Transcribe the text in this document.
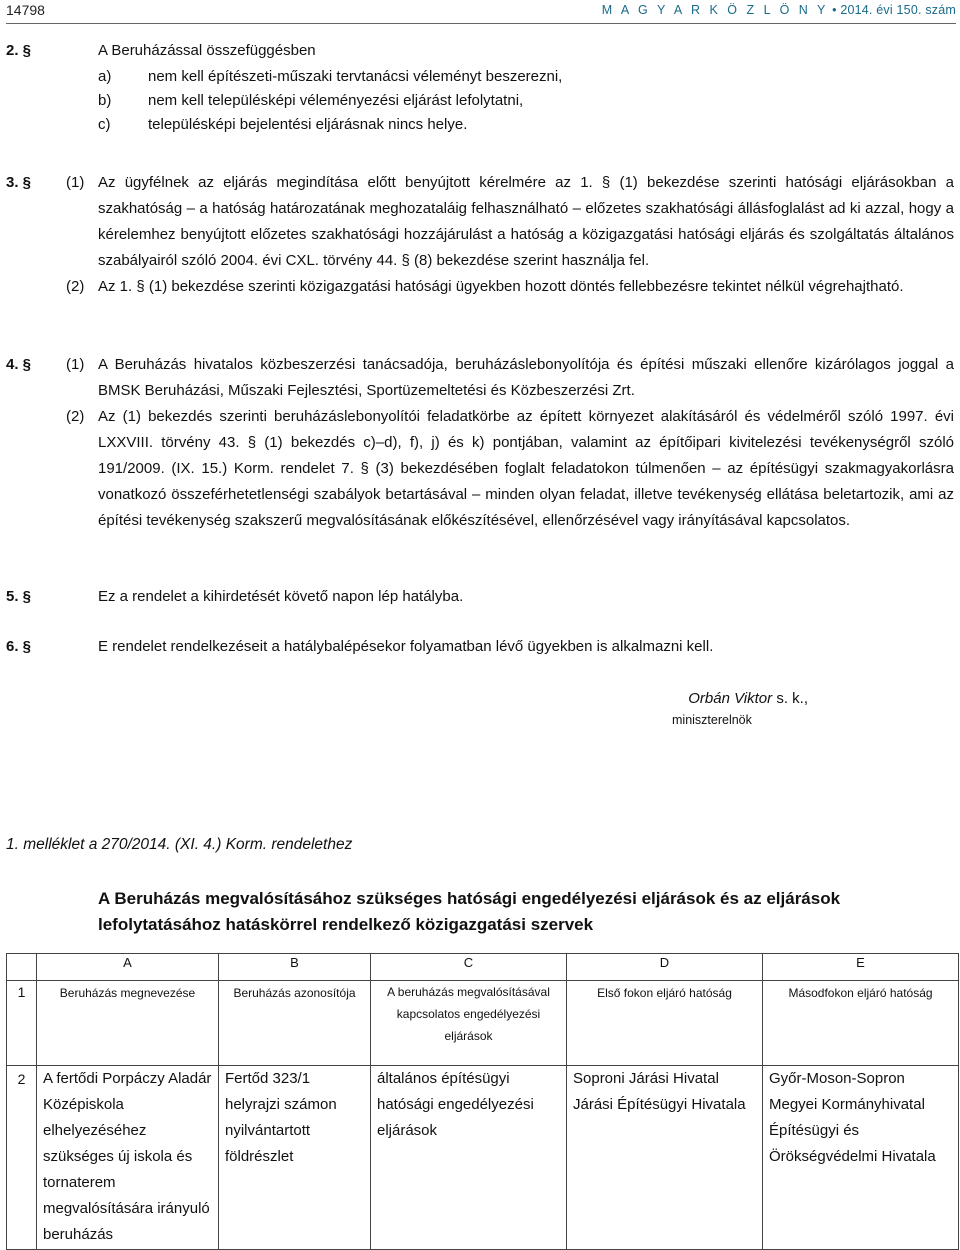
14798	M A G Y A R K Ö Z L Ö N Y • 2014. évi 150. szám
2. §	A Beruházással összefüggésben
a) nem kell építészeti-műszaki tervtanácsi véleményt beszerezni,
b) nem kell településképi véleményezési eljárást lefolytatni,
c)	településképi bejelentési eljárásnak nincs helye.
3. § (1) Az ügyfélnek az eljárás megindítása előtt benyújtott kérelmére az 1. § (1) bekezdése szerinti hatósági eljárásokban a szakhatóság – a hatóság határozatának meghozataláig felhasználható – előzetes szakhatósági állásfoglalást ad ki azzal, hogy a kérelemhez benyújtott előzetes szakhatósági hozzájárulást a hatóság a közigazgatási hatósági eljárás és szolgáltatás általános szabályairól szóló 2004. évi CXL. törvény 44. § (8) bekezdése szerint használja fel.
(2) Az 1. § (1) bekezdése szerinti közigazgatási hatósági ügyekben hozott döntés fellebbezésre tekintet nélkül végrehajtható.
4. § (1) A Beruházás hivatalos közbeszerzési tanácsadója, beruházáslebonyolítója és építési műszaki ellenőre kizárólagos joggal a BMSK Beruházási, Műszaki Fejlesztési, Sportüzemeltetési és Közbeszerzési Zrt.
(2) Az (1) bekezdés szerinti beruházáslebonyolítói feladatkörbe az épített környezet alakításáról és védelméről szóló 1997. évi LXXVIII. törvény 43. § (1) bekezdés c)–d), f), j) és k) pontjában, valamint az építőipari kivitelezési tevékenységről szóló 191/2009. (IX. 15.) Korm. rendelet 7. § (3) bekezdésében foglalt feladatokon túlmenően – az építésügyi szakmagyakorlásra vonatkozó összeférhetetlenségi szabályok betartásával – minden olyan feladat, illetve tevékenység ellátása beletartozik, ami az építési tevékenység szakszerű megvalósításának előkészítésével, ellenőrzésével vagy irányításával kapcsolatos.
5. §	Ez a rendelet a kihirdetését követő napon lép hatályba.
6. §	E rendelet rendelkezéseit a hatálybalépésekor folyamatban lévő ügyekben is alkalmazni kell.
Orbán Viktor s. k.,
miniszterelnök
1. melléklet a 270/2014. (XI. 4.) Korm. rendelethez
A Beruházás megvalósításához szükséges hatósági engedélyezési eljárások és az eljárások lefolytatásához hatáskörrel rendelkező közigazgatási szervek
	A	B	C	D	E
1	Beruházás megnevezése	Beruházás azonosítója	A beruházás megvalósításával kapcsolatos engedélyezési eljárások	Első fokon eljáró hatóság	Másodfokon eljáró hatóság
2	A fertődi Porpáczy Aladár Középiskola elhelyezéséhez szükséges új iskola és tornaterem megvalósítására irányuló beruházás	Fertőd 323/1 helyrajzi számon nyilvántartott földrészlet	általános építésügyi hatósági engedélyezési eljárások	Soproni Járási Hivatal Járási Építésügyi Hivatala	Győr-Moson-Sopron Megyei Kormányhivatal Építésügyi és Örökségvédelmi Hivatala
